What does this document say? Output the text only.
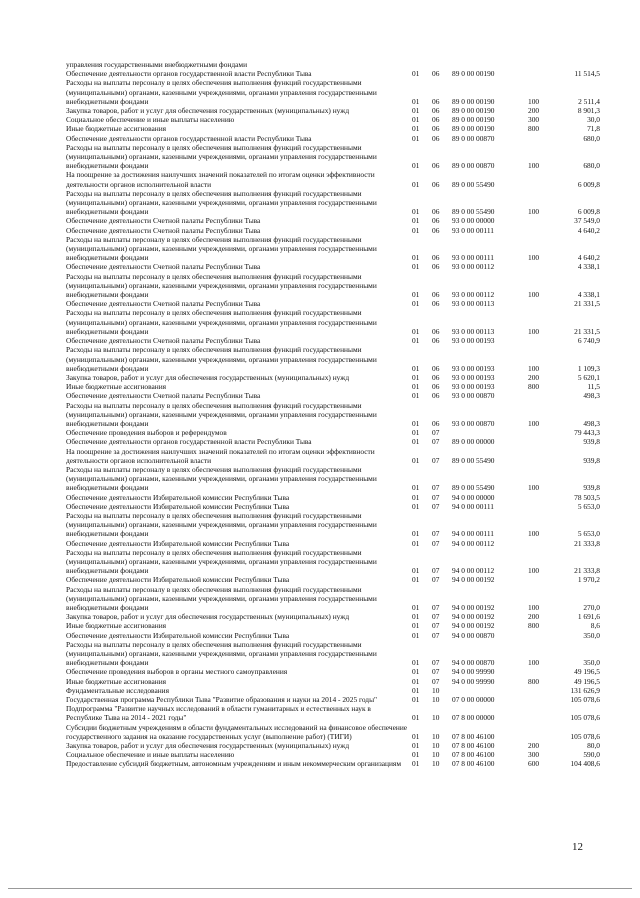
управления государственными внебюджетными фондами
Обеспечение деятельности органов государственной власти Республики Тыва	01	06	89 0 00 00190	11 514,5
Расходы на выплаты персоналу в целях обеспечения выполнения функций государственными (муниципальными) органами, казенными учреждениями, органами управления государственными внебюджетными фондами	01	06	89 0 00 00190	100	2 511,4
Закупка товаров, работ и услуг для обеспечения государственных (муниципальных) нужд	01	06	89 0 00 00190	200	8 901,3
Социальное обеспечение и иные выплаты населению	01	06	89 0 00 00190	300	30,0
Иные бюджетные ассигнования	01	06	89 0 00 00190	800	71,8
Обеспечение деятельности органов государственной власти Республики Тыва	01	06	89 0 00 00870	680,0
Расходы на выплаты персоналу в целях обеспечения выполнения функций государственными (муниципальными) органами, казенными учреждениями, органами управления государственными внебюджетными фондами	01	06	89 0 00 00870	100	680,0
На поощрение за достижения наилучших значений показателей по итогам оценки эффективности деятельности органов исполнительной власти	01	06	89 0 00 55490	6 009,8
Расходы на выплаты персоналу в целях обеспечения выполнения функций государственными (муниципальными) органами, казенными учреждениями, органами управления государственными внебюджетными фондами	01	06	89 0 00 55490	100	6 009,8
Обеспечение деятельности Счетной палаты Республики Тыва	01	06	93 0 00 00000	37 549,0
Обеспечение деятельности Счетной палаты Республики Тыва	01	06	93 0 00 00111	4 640,2
Расходы на выплаты персоналу в целях обеспечения выполнения функций государственными (муниципальными) органами, казенными учреждениями, органами управления государственными внебюджетными фондами	01	06	93 0 00 00111	100	4 640,2
Обеспечение деятельности Счетной палаты Республики Тыва	01	06	93 0 00 00112	4 338,1
Расходы на выплаты персоналу в целях обеспечения выполнения функций государственными (муниципальными) органами, казенными учреждениями, органами управления государственными внебюджетными фондами	01	06	93 0 00 00112	100	4 338,1
Обеспечение деятельности Счетной палаты Республики Тыва	01	06	93 0 00 00113	21 331,5
Расходы на выплаты персоналу в целях обеспечения выполнения функций государственными (муниципальными) органами, казенными учреждениями, органами управления государственными внебюджетными фондами	01	06	93 0 00 00113	100	21 331,5
Обеспечение деятельности Счетной палаты Республики Тыва	01	06	93 0 00 00193	6 740,9
Расходы на выплаты персоналу в целях обеспечения выполнения функций государственными (муниципальными) органами, казенными учреждениями, органами управления государственными внебюджетными фондами	01	06	93 0 00 00193	100	1 109,3
Закупка товаров, работ и услуг для обеспечения государственных (муниципальных) нужд	01	06	93 0 00 00193	200	5 620,1
Иные бюджетные ассигнования	01	06	93 0 00 00193	800	11,5
Обеспечение деятельности Счетной палаты Республики Тыва	01	06	93 0 00 00870	498,3
Расходы на выплаты персоналу в целях обеспечения выполнения функций государственными (муниципальными) органами, казенными учреждениями, органами управления государственными внебюджетными фондами	01	06	93 0 00 00870	100	498,3
Обеспечение проведения выборов и референдумов	01	07	79 443,3
Обеспечение деятельности органов государственной власти Республики Тыва	01	07	89 0 00 00000	939,8
На поощрение за достижения наилучших значений показателей по итогам оценки эффективности деятельности органов исполнительной власти	01	07	89 0 00 55490	939,8
Расходы на выплаты персоналу в целях обеспечения выполнения функций государственными (муниципальными) органами, казенными учреждениями, органами управления государственными внебюджетными фондами	01	07	89 0 00 55490	100	939,8
Обеспечение деятельности Избирательной комиссии Республики Тыва	01	07	94 0 00 00000	78 503,5
Обеспечение деятельности Избирательной комиссии Республики Тыва	01	07	94 0 00 00111	5 653,0
Расходы на выплаты персоналу в целях обеспечения выполнения функций государственными (муниципальными) органами, казенными учреждениями, органами управления государственными внебюджетными фондами	01	07	94 0 00 00111	100	5 653,0
Обеспечение деятельности Избирательной комиссии Республики Тыва	01	07	94 0 00 00112	21 333,8
Расходы на выплаты персоналу в целях обеспечения выполнения функций государственными (муниципальными) органами, казенными учреждениями, органами управления государственными внебюджетными фондами	01	07	94 0 00 00112	100	21 333,8
Обеспечение деятельности Избирательной комиссии Республики Тыва	01	07	94 0 00 00192	1 970,2
Расходы на выплаты персоналу в целях обеспечения выполнения функций государственными (муниципальными) органами, казенными учреждениями, органами управления государственными внебюджетными фондами	01	07	94 0 00 00192	100	270,0
Закупка товаров, работ и услуг для обеспечения государственных (муниципальных) нужд	01	07	94 0 00 00192	200	1 691,6
Иные бюджетные ассигнования	01	07	94 0 00 00192	800	8,6
Обеспечение деятельности Избирательной комиссии Республики Тыва	01	07	94 0 00 00870	350,0
Расходы на выплаты персоналу в целях обеспечения выполнения функций государственными (муниципальными) органами, казенными учреждениями, органами управления государственными внебюджетными фондами	01	07	94 0 00 00870	100	350,0
Обеспечение проведения выборов в органы местного самоуправления	01	07	94 0 00 99990	49 196,5
Иные бюджетные ассигнования	01	07	94 0 00 99990	800	49 196,5
Фундаментальные исследования	01	10	131 626,9
Государственная программа Республики Тыва "Развитие образования и науки на 2014 - 2025 годы"	01	10	07 0 00 00000	105 078,6
Подпрограмма "Развитие научных исследований в области гуманитарных и естественных наук в Республике Тыва на 2014 - 2021 годы"	01	10	07 8 00 00000	105 078,6
Субсидии бюджетным учреждениям в области фундаментальных исследований на финансовое обеспечение государственного задания на оказание государственных услуг (выполнение работ) (ТИГИ)	01	10	07 8 00 46100	105 078,6
Закупка товаров, работ и услуг для обеспечения государственных (муниципальных) нужд	01	10	07 8 00 46100	200	80,0
Социальное обеспечение и иные выплаты населению	01	10	07 8 00 46100	300	590,0
Предоставление субсидий бюджетным, автономным учреждениям и иным некоммерческим организациям	01	10	07 8 00 46100	600	104 408,6
12
